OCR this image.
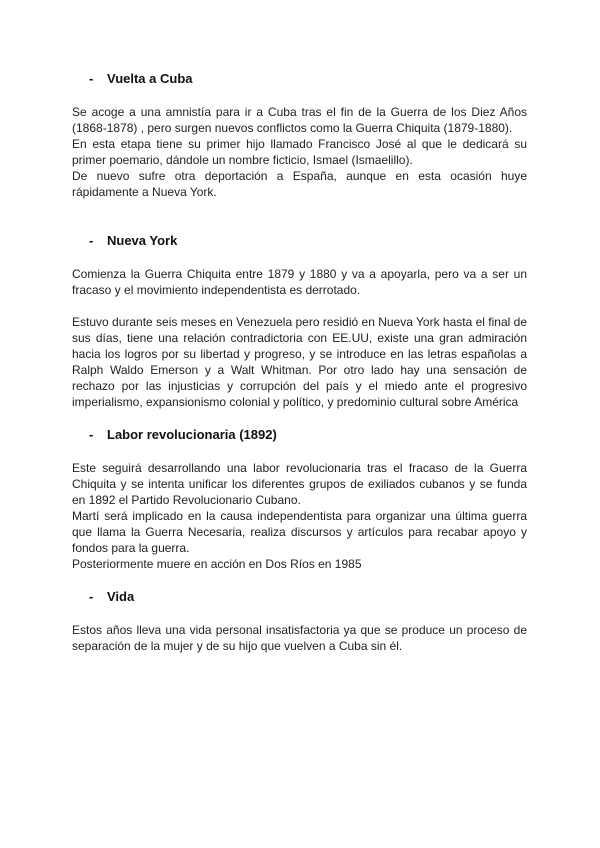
-	Vuelta a Cuba

Se acoge a una amnistía para ir a Cuba tras el fin de la Guerra de los Diez Años (1868-1878) , pero surgen nuevos conflictos como la Guerra Chiquita (1879-1880).
En esta etapa tiene su primer hijo llamado Francisco José al que le dedicará su primer poemario, dándole un nombre ficticio, Ismael (Ismaelillo).
De nuevo sufre otra deportación a España, aunque en esta ocasión huye rápidamente a Nueva York.

-	Nueva York

Comienza la Guerra Chiquita entre 1879 y 1880 y va a apoyarla, pero va a ser un fracaso y el movimiento independentista es derrotado.

Estuvo durante seis meses en Venezuela pero residió en Nueva York hasta el final de sus días, tiene una relación contradictoria con EE.UU, existe una gran admiración hacia los logros por su libertad y progreso, y se introduce en las letras españolas a Ralph Waldo Emerson y a Walt Whitman. Por otro lado hay una sensación de rechazo por las injusticias y corrupción del país y el miedo ante el progresivo imperialismo, expansionismo colonial y político, y predominio cultural sobre América

-	Labor revolucionaria (1892)

Este seguirá desarrollando una labor revolucionaria tras el fracaso de la Guerra Chiquita y se intenta unificar los diferentes grupos de exiliados cubanos y se funda en 1892 el Partido Revolucionario Cubano.
Martí será implicado en la causa independentista para organizar una última guerra que llama la Guerra Necesaria, realiza discursos y artículos para recabar apoyo y fondos para la guerra.
Posteriormente muere en acción en Dos Ríos en 1985

-	Vida

Estos años lleva una vida personal insatisfactoria ya que se produce un proceso de separación de la mujer y de su hijo que vuelven a Cuba sin él.
